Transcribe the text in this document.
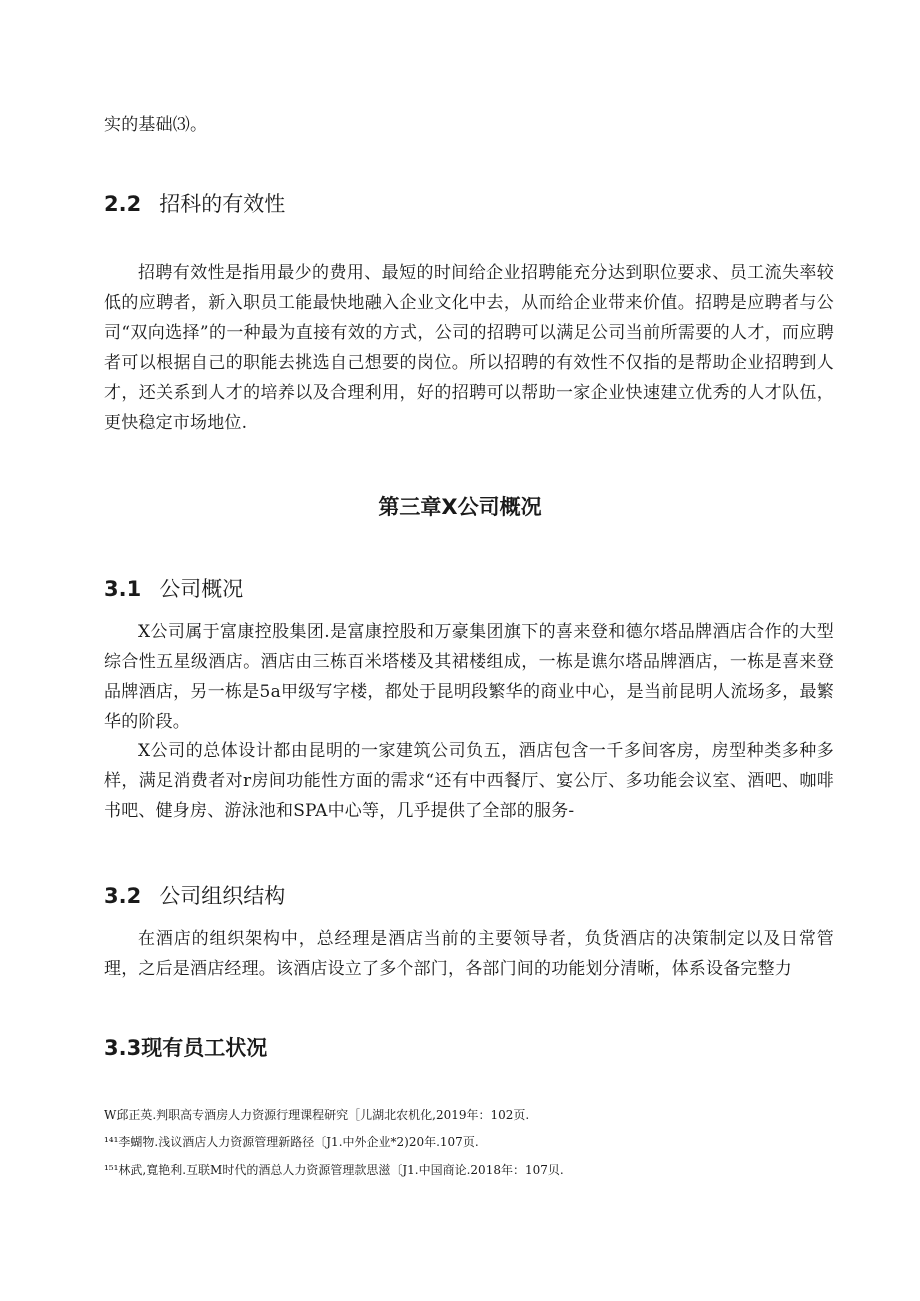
实的基础⑶。

2.2 招科的有效性

招聘有效性是指用最少的费用、最短的时间给企业招聘能充分达到职位要求、员工流失率较低的应聘者，新入职员工能最快地融入企业文化中去，从而给企业带来价值。招聘是应聘者与公司“双向选择”的一种最为直接有效的方式，公司的招聘可以满足公司当前所需要的人才，而应聘者可以根据自己的职能去挑选自己想要的岗位。所以招聘的有效性不仅指的是帮助企业招聘到人才，还关系到人才的培养以及合理利用，好的招聘可以帮助一家企业快速建立优秀的人才队伍，更快稳定市场地位.

第三章X公司概况
3.1 公司概况

X公司属于富康控股集团.是富康控股和万豪集团旗下的喜来登和德尔塔品牌酒店合作的大型综合性五星级酒店。酒店由三栋百米塔楼及其裙楼组成，一栋是谯尔塔品牌酒店，一栋是喜来登品牌酒店，另一栋是5a甲级写字楼，都处于昆明段繁华的商业中心，是当前昆明人流场多，最繁华的阶段。

X公司的总体设计都由昆明的一家建筑公司负五，酒店包含一千多间客房，房型种类多种多样，满足消费者对r房间功能性方面的需求“还有中西餐厅、宴公厅、多功能会议室、酒吧、咖啡书吧、健身房、游泳池和SPA中心等，几乎提供了全部的服务-

3.2 公司组织结构

在酒店的组织架构中，总经理是酒店当前的主要领导者，负货酒店的决策制定以及日常管理，之后是酒店经理。该酒店设立了多个部门，各部门间的功能划分清晰，体系设备完整力

3.3现有员工状况

W邱正英.判职高专酒房人力资源行理课程研究［儿湖北农机化,2019年：102页.

¹⁴¹李蝴物.浅议酒店人力资源管理新路径〔J1.中外企业*2)20年.107页.

¹⁵¹林武,寬艳利.互联M时代的酒总人力资源管理款思滋〔J1.中国商论.2018年：107贝.
